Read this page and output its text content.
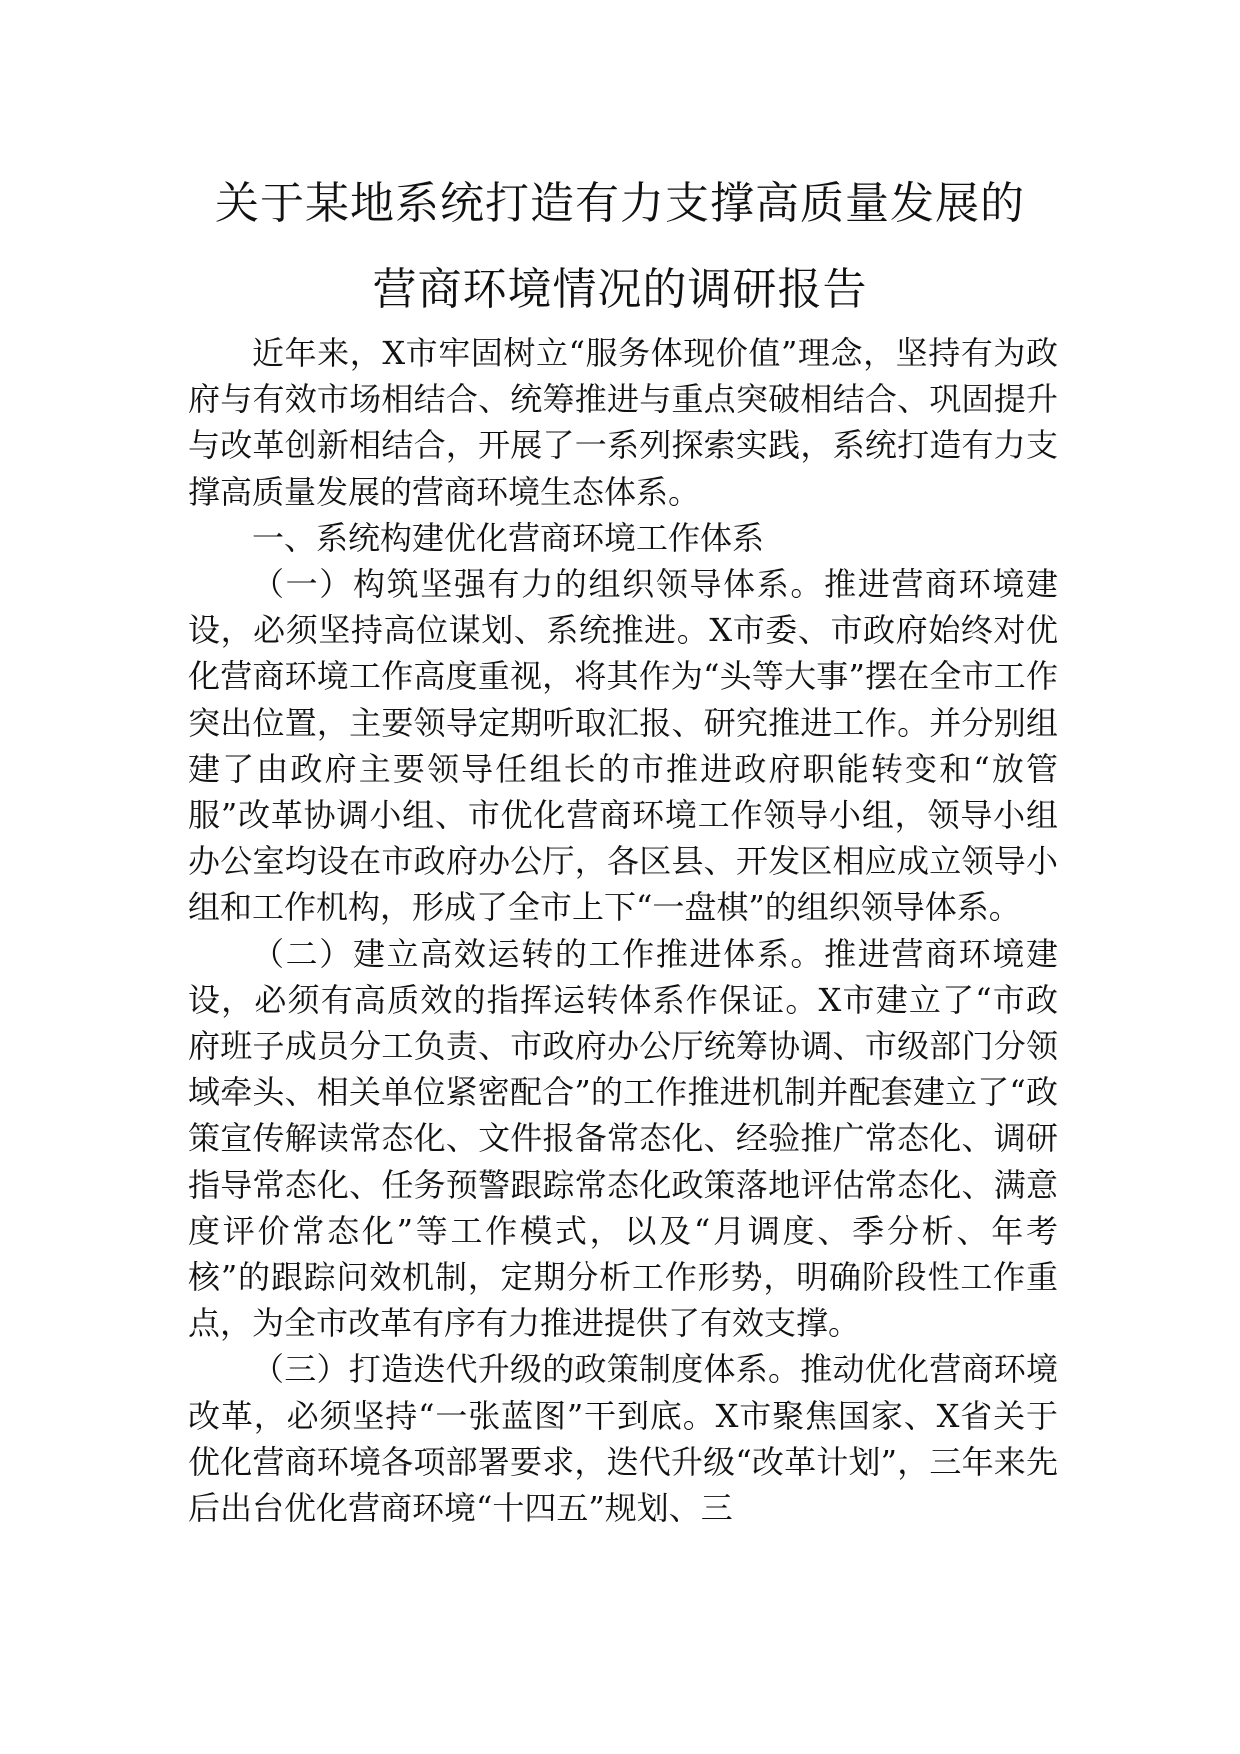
关于某地系统打造有力支撑高质量发展的
营商环境情况的调研报告

近年来，X市牢固树立“服务体现价值”理念，坚持有为政府与有效市场相结合、统筹推进与重点突破相结合、巩固提升与改革创新相结合，开展了一系列探索实践，系统打造有力支撑高质量发展的营商环境生态体系。

一、系统构建优化营商环境工作体系

（一）构筑坚强有力的组织领导体系。推进营商环境建设，必须坚持高位谋划、系统推进。X市委、市政府始终对优化营商环境工作高度重视，将其作为“头等大事”摆在全市工作突出位置，主要领导定期听取汇报、研究推进工作。并分别组建了由政府主要领导任组长的市推进政府职能转变和“放管服”改革协调小组、市优化营商环境工作领导小组，领导小组办公室均设在市政府办公厅，各区县、开发区相应成立领导小组和工作机构，形成了全市上下“一盘棋”的组织领导体系。

（二）建立高效运转的工作推进体系。推进营商环境建设，必须有高质效的指挥运转体系作保证。X市建立了“市政府班子成员分工负责、市政府办公厅统筹协调、市级部门分领域牵头、相关单位紧密配合”的工作推进机制并配套建立了“政策宣传解读常态化、文件报备常态化、经验推广常态化、调研指导常态化、任务预警跟踪常态化政策落地评估常态化、满意度评价常态化”等工作模式，以及“月调度、季分析、年考核”的跟踪问效机制，定期分析工作形势，明确阶段性工作重点，为全市改革有序有力推进提供了有效支撑。

（三）打造迭代升级的政策制度体系。推动优化营商环境改革，必须坚持“一张蓝图”干到底。X市聚焦国家、X省关于优化营商环境各项部署要求，迭代升级“改革计划”，三年来先后出台优化营商环境“十四五”规划、三
